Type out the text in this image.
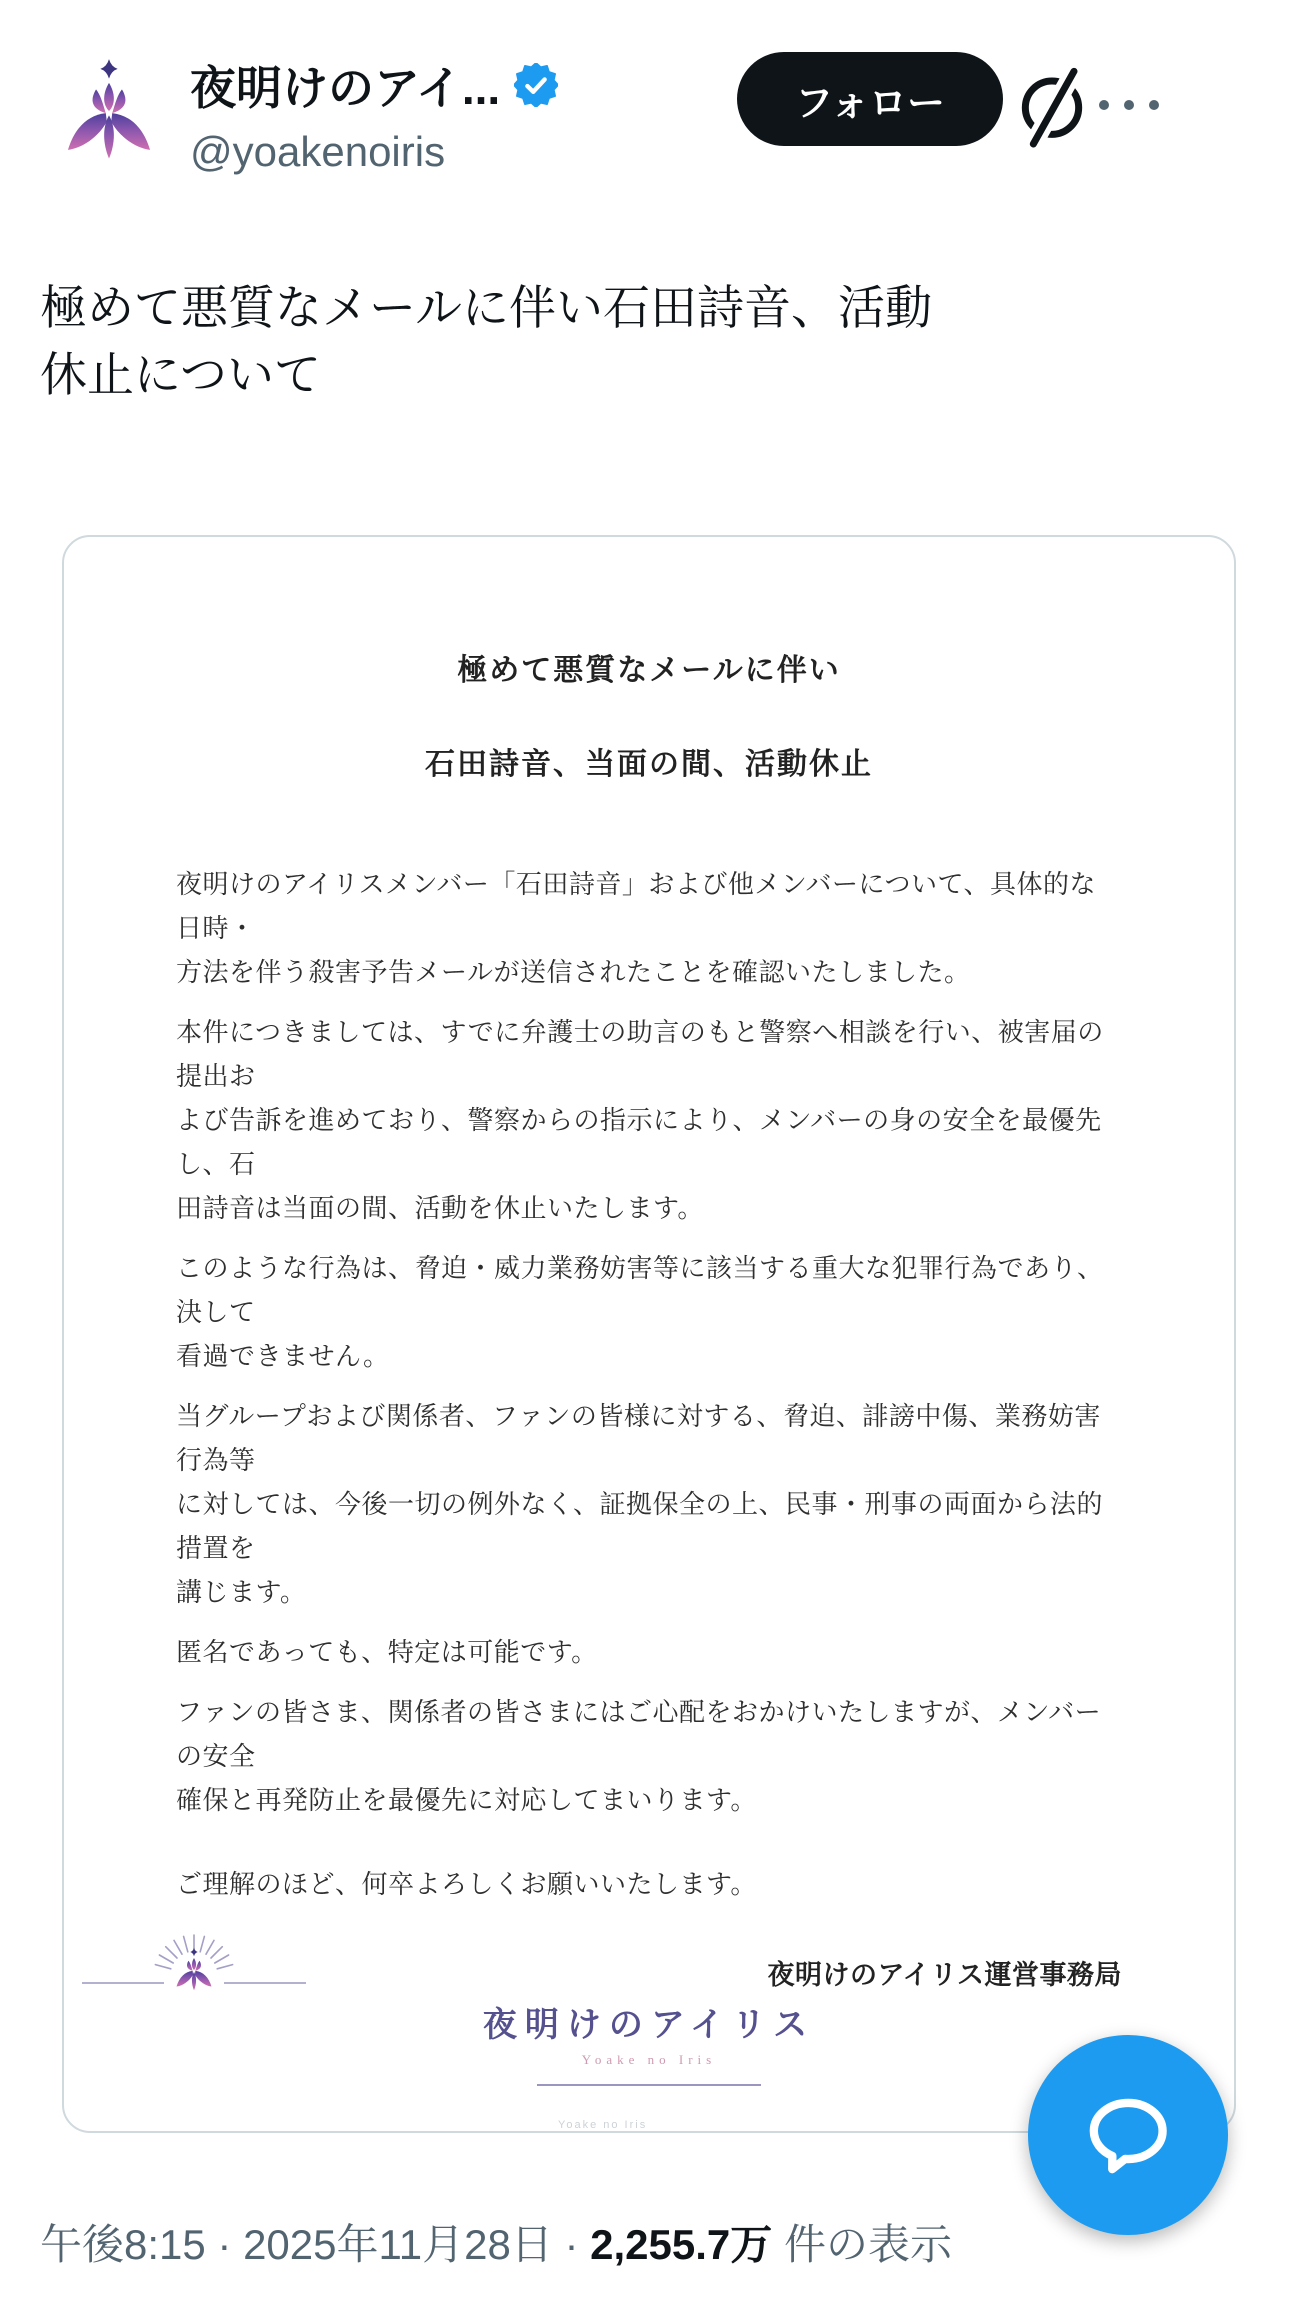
夜明けのアイ...
@yoakenoiris
フォロー
極めて悪質なメールに伴い石田詩音、活動
休止について
極めて悪質なメールに伴い
石田詩音、当面の間、活動休止
夜明けのアイリスメンバー「石田詩音」および他メンバーについて、具体的な日時・
方法を伴う殺害予告メールが送信されたことを確認いたしました。
本件につきましては、すでに弁護士の助言のもと警察へ相談を行い、被害届の提出お
よび告訴を進めており、警察からの指示により、メンバーの身の安全を最優先し、石
田詩音は当面の間、活動を休止いたします。
このような行為は、脅迫・威力業務妨害等に該当する重大な犯罪行為であり、決して
看過できません。
当グループおよび関係者、ファンの皆様に対する、脅迫、誹謗中傷、業務妨害行為等
に対しては、今後一切の例外なく、証拠保全の上、民事・刑事の両面から法的措置を
講じます。
匿名であっても、特定は可能です。
ファンの皆さま、関係者の皆さまにはご心配をおかけいたしますが、メンバーの安全
確保と再発防止を最優先に対応してまいります。
ご理解のほど、何卒よろしくお願いいたします。
夜明けのアイリス運営事務局
夜明けのアイリス
Yoake no Iris
Yoake no Iris
午後8:15 · 2025年11月28日 · 2,255.7万 件の表示
